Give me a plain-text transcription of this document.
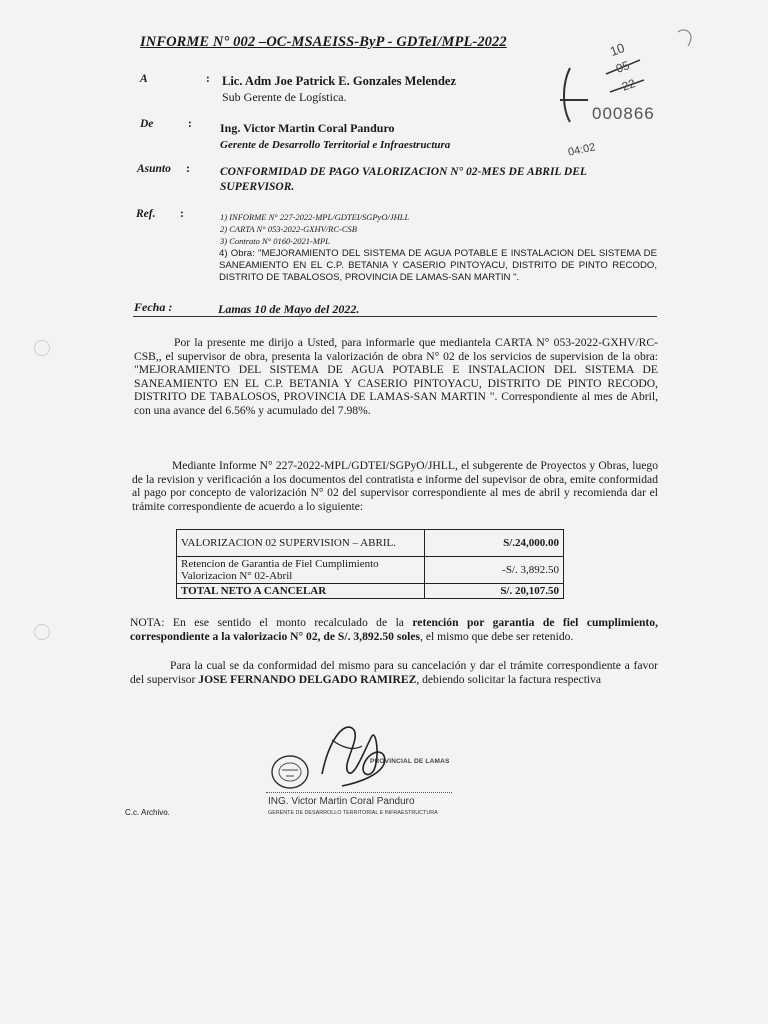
INFORME N° 002 –OC-MSAEISS-ByP - GDTeI/MPL-2022
A	: Lic. Adm Joe Patrick E. Gonzales Melendez
Sub Gerente de Logística.
De	: Ing. Victor Martin Coral Panduro
Gerente de Desarrollo Territorial e Infraestructura
Asunto :	CONFORMIDAD DE PAGO VALORIZACION N° 02-MES DE ABRIL DEL SUPERVISOR.
Ref. :	1) INFORME N° 227-2022-MPL/GDTEI/SGPyO/JHLL
2) CARTA N° 053-2022-GXHV/RC-CSB
3) Contrato N° 0160-2021-MPL
4) Obra: "MEJORAMIENTO DEL SISTEMA DE AGUA POTABLE E INSTALACION DEL SISTEMA DE SANEAMIENTO EN EL C.P. BETANIA Y CASERIO PINTOYACU, DISTRITO DE PINTO RECODO, DISTRITO DE TABALOSOS, PROVINCIA DE LAMAS-SAN MARTIN ".
Fecha :	Lamas 10 de Mayo del 2022.
10
05
22
000866
04:02
Por la presente me dirijo a Usted, para informarle que mediantela CARTA N° 053-2022-GXHV/RC-CSB,, el supervisor de obra, presenta la valorización de obra N° 02 de los servicios de supervision de la obra: "MEJORAMIENTO DEL SISTEMA DE AGUA POTABLE E INSTALACION DEL SISTEMA DE SANEAMIENTO EN EL C.P. BETANIA Y CASERIO PINTOYACU, DISTRITO DE PINTO RECODO, DISTRITO DE TABALOSOS, PROVINCIA DE LAMAS-SAN MARTIN ". Correspondiente al mes de Abril, con una avance del 6.56% y acumulado del 7.98%.
Mediante Informe N° 227-2022-MPL/GDTEI/SGPyO/JHLL, el subgerente de Proyectos y Obras, luego de la revision y verificación a los documentos del contratista e informe del supevisor de obra, emite conformidad al pago por concepto de valorización N° 02 del supervisor correspondiente al mes de abril y recomienda dar el trámite correspondiente de acuerdo a lo siguiente:
VALORIZACION 02 SUPERVISION – ABRIL.	S/.24,000.00
Retencion de Garantia de Fiel Cumplimiento Valorizacion N° 02-Abril	-S/. 3,892.50
TOTAL NETO A CANCELAR	S/. 20,107.50
NOTA: En ese sentido el monto recalculado de la retención por garantia de fiel cumplimiento, correspondiente a la valorizacio N° 02, de S/. 3,892.50 soles, el mismo que debe ser retenido.
Para la cual se da conformidad del mismo para su cancelación y dar el trámite correspondiente a favor del supervisor JOSE FERNANDO DELGADO RAMIREZ, debiendo solicitar la factura respectiva
PROVINCIAL DE LAMAS
ING. Victor Martin Coral Panduro
GERENTE DE DESARROLLO TERRITORIAL E INFRAESTRUCTURA
C.c. Archivo.
